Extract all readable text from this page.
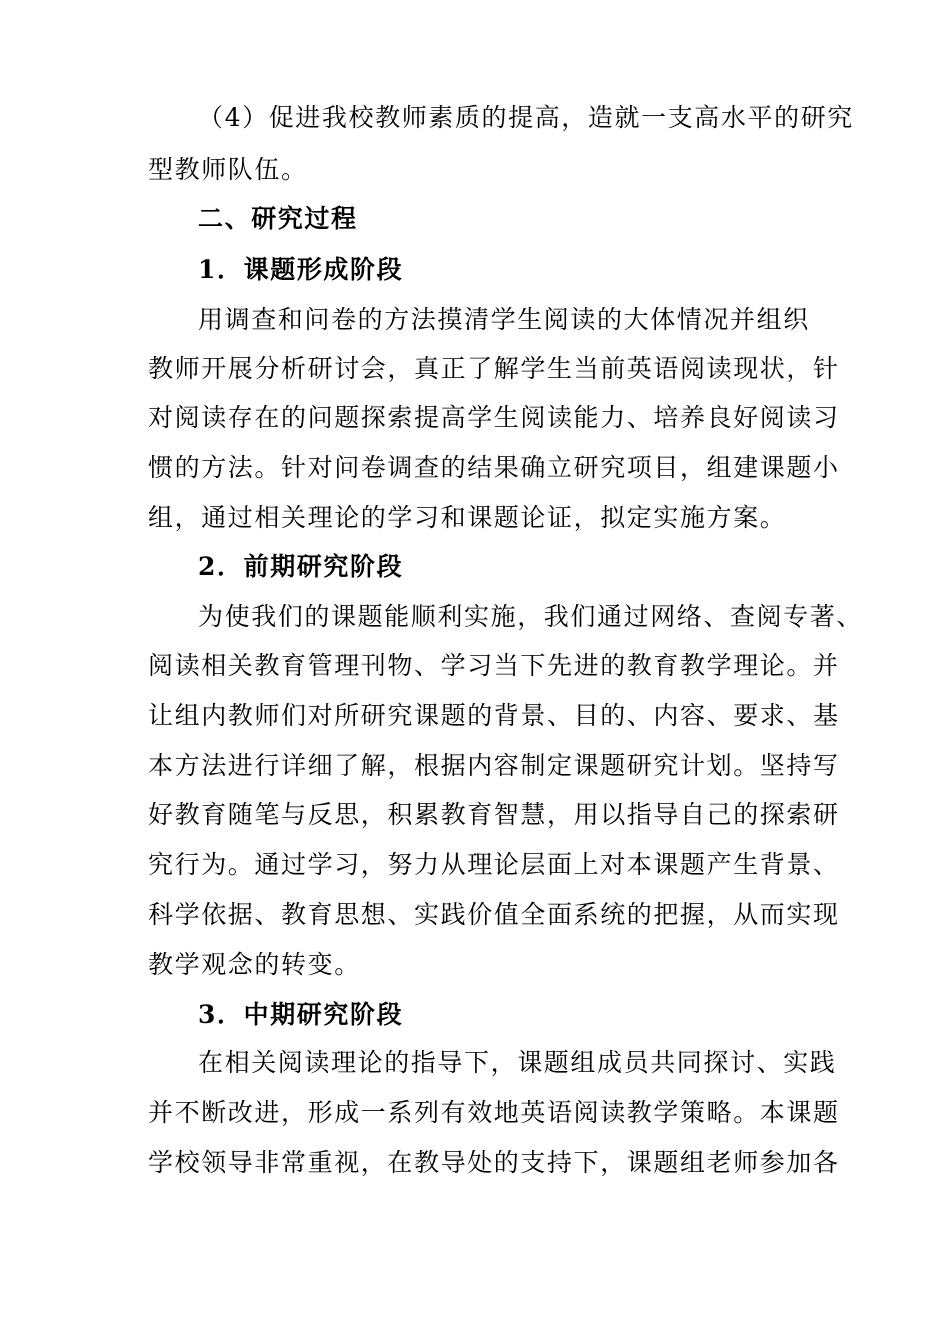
（4）促进我校教师素质的提高，造就一支高水平的研究
型教师队伍。
二、研究过程
1．课题形成阶段
用调查和问卷的方法摸清学生阅读的大体情况并组织
教师开展分析研讨会，真正了解学生当前英语阅读现状，针
对阅读存在的问题探索提高学生阅读能力、培养良好阅读习
惯的方法。针对问卷调查的结果确立研究项目，组建课题小
组，通过相关理论的学习和课题论证，拟定实施方案。
2．前期研究阶段
为使我们的课题能顺利实施，我们通过网络、查阅专著、
阅读相关教育管理刊物、学习当下先进的教育教学理论。并
让组内教师们对所研究课题的背景、目的、内容、要求、基
本方法进行详细了解，根据内容制定课题研究计划。坚持写
好教育随笔与反思，积累教育智慧，用以指导自己的探索研
究行为。通过学习，努力从理论层面上对本课题产生背景、
科学依据、教育思想、实践价值全面系统的把握，从而实现
教学观念的转变。
3．中期研究阶段
在相关阅读理论的指导下，课题组成员共同探讨、实践
并不断改进，形成一系列有效地英语阅读教学策略。本课题
学校领导非常重视，在教导处的支持下，课题组老师参加各
